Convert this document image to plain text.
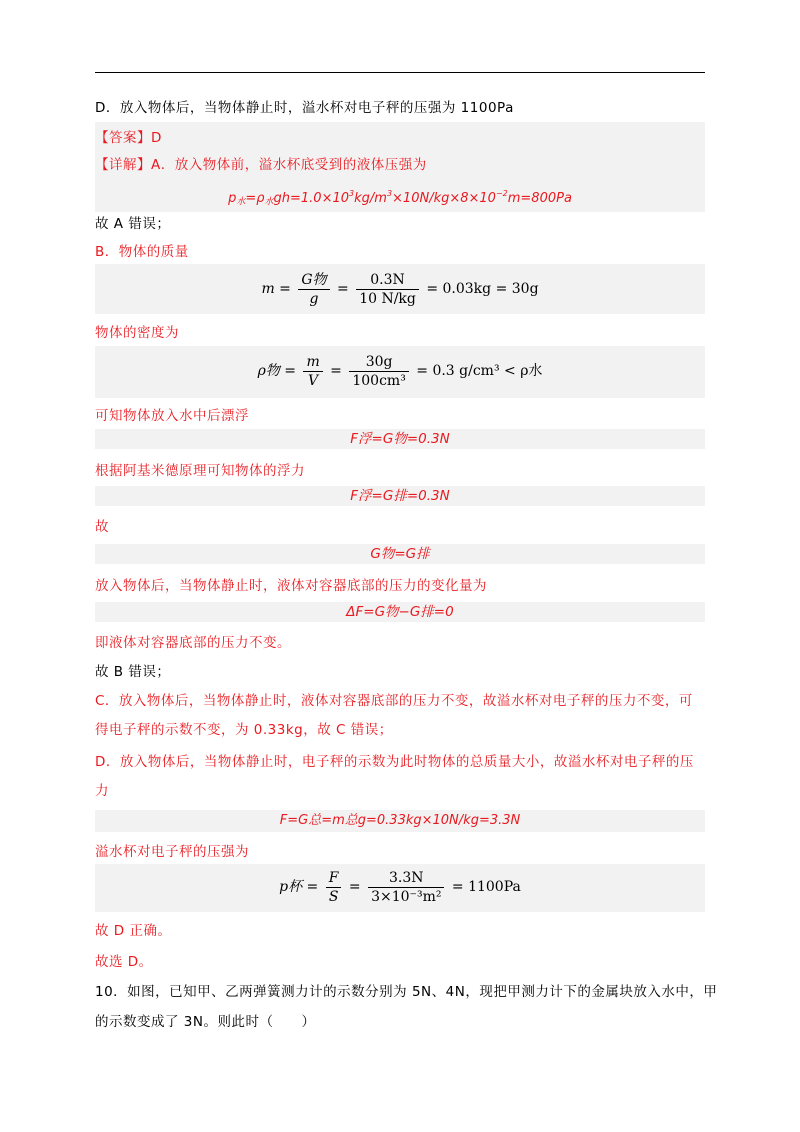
D．放入物体后，当物体静止时，溢水杯对电子秤的压强为 1100Pa
【答案】D
【详解】A．放入物体前，溢水杯底受到的液体压强为
$p_水=\rho_水gh=1.0\times 10^3kg/m^3\times 10N/kg\times 8\times 10^{-2}m=800Pa$
故 A 错误；
B．物体的质量
$m = \frac{\text{G物}}{g} = \frac{0.3N}{10 N/kg} = 0.03kg = 30g$
物体的密度为
ρ物 = $\frac{m}{V} = \frac{30g}{\text{100cm³}} = 0.3$ g/cm³ < ρ水
可知物体放入水中后漂浮
F浮=G物=0.3N
根据阿基米德原理可知物体的浮力
F浮=G排=0.3N
故
G物=G排
放入物体后，当物体静止时，液体对容器底部的压力的变化量为
ΔF=G物−G排=0
即液体对容器底部的压力不变。
故 B 错误；
C．放入物体后，当物体静止时，液体对容器底部的压力不变，故溢水杯对电子秤的压力不变，可
得电子秤的示数不变，为 0.33kg，故 C 错误；
D．放入物体后，当物体静止时，电子秤的示数为此时物体的总质量大小，故溢水杯对电子秤的压
力
F=G总=m总g=0.33kg×10N/kg=3.3N
溢水杯对电子秤的压强为
p杯 = $\frac{F}{S} = \frac{3.3N}{\text{3×10⁻³m²}} = 1100Pa$
故 D 正确。
故选 D。
10．如图，已知甲、乙两弹簧测力计的示数分别为 5N、4N，现把甲测力计下的金属块放入水中，甲
的示数变成了 3N。则此时（　　）
